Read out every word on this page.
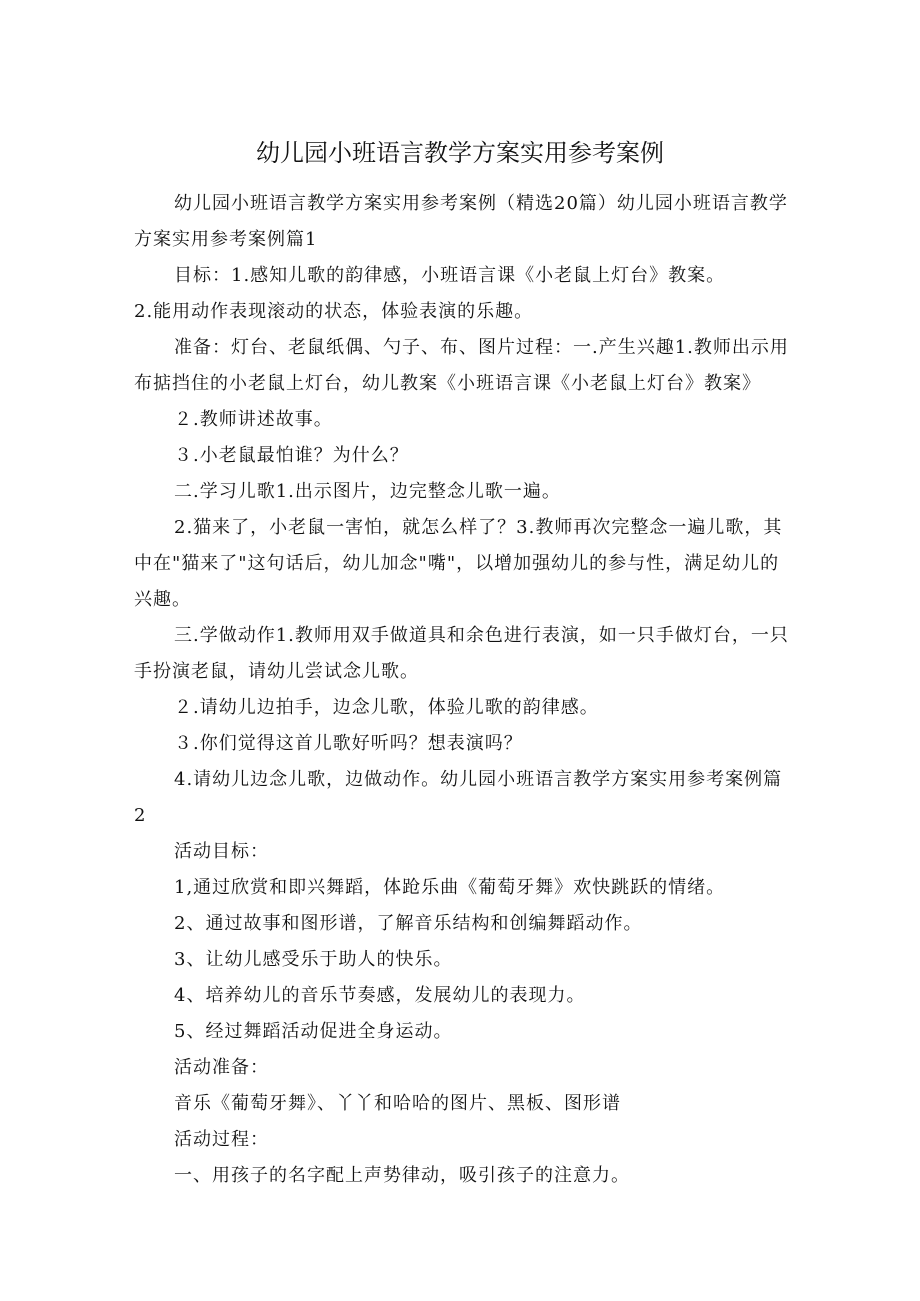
幼儿园小班语言教学方案实用参考案例

幼儿园小班语言教学方案实用参考案例（精选20篇）幼儿园小班语言教学方案实用参考案例篇1

目标：1.感知儿歌的韵律感，小班语言课《小老鼠上灯台》教案。

2.能用动作表现滚动的状态，体验表演的乐趣。

准备：灯台、老鼠纸偶、勺子、布、图片过程：一.产生兴趣1.教师出示用布掂挡住的小老鼠上灯台，幼儿教案《小班语言课《小老鼠上灯台》教案》

２.教师讲述故事。

３.小老鼠最怕谁？为什么？

二.学习儿歌1.出示图片，边完整念儿歌一遍。

2.猫来了，小老鼠一害怕，就怎么样了？3.教师再次完整念一遍儿歌，其中在"猫来了"这句话后，幼儿加念"嘴"，以增加强幼儿的参与性，满足幼儿的兴趣。

三.学做动作1.教师用双手做道具和余色进行表演，如一只手做灯台，一只手扮演老鼠，请幼儿尝试念儿歌。

２.请幼儿边拍手，边念儿歌，体验儿歌的韵律感。

３.你们觉得这首儿歌好听吗？想表演吗？

4.请幼儿边念儿歌，边做动作。幼儿园小班语言教学方案实用参考案例篇2

活动目标：

1,通过欣赏和即兴舞蹈，体跄乐曲《葡萄牙舞》欢快跳跃的情绪。

2、通过故事和图形谱，了解音乐结构和创编舞蹈动作。

3、让幼儿感受乐于助人的快乐。

4、培养幼儿的音乐节奏感，发展幼儿的表现力。

5、经过舞蹈活动促进全身运动。

活动准备：

音乐《葡萄牙舞》、丫丫和哈哈的图片、黑板、图形谱

活动过程：

一、用孩子的名字配上声势律动，吸引孩子的注意力。
